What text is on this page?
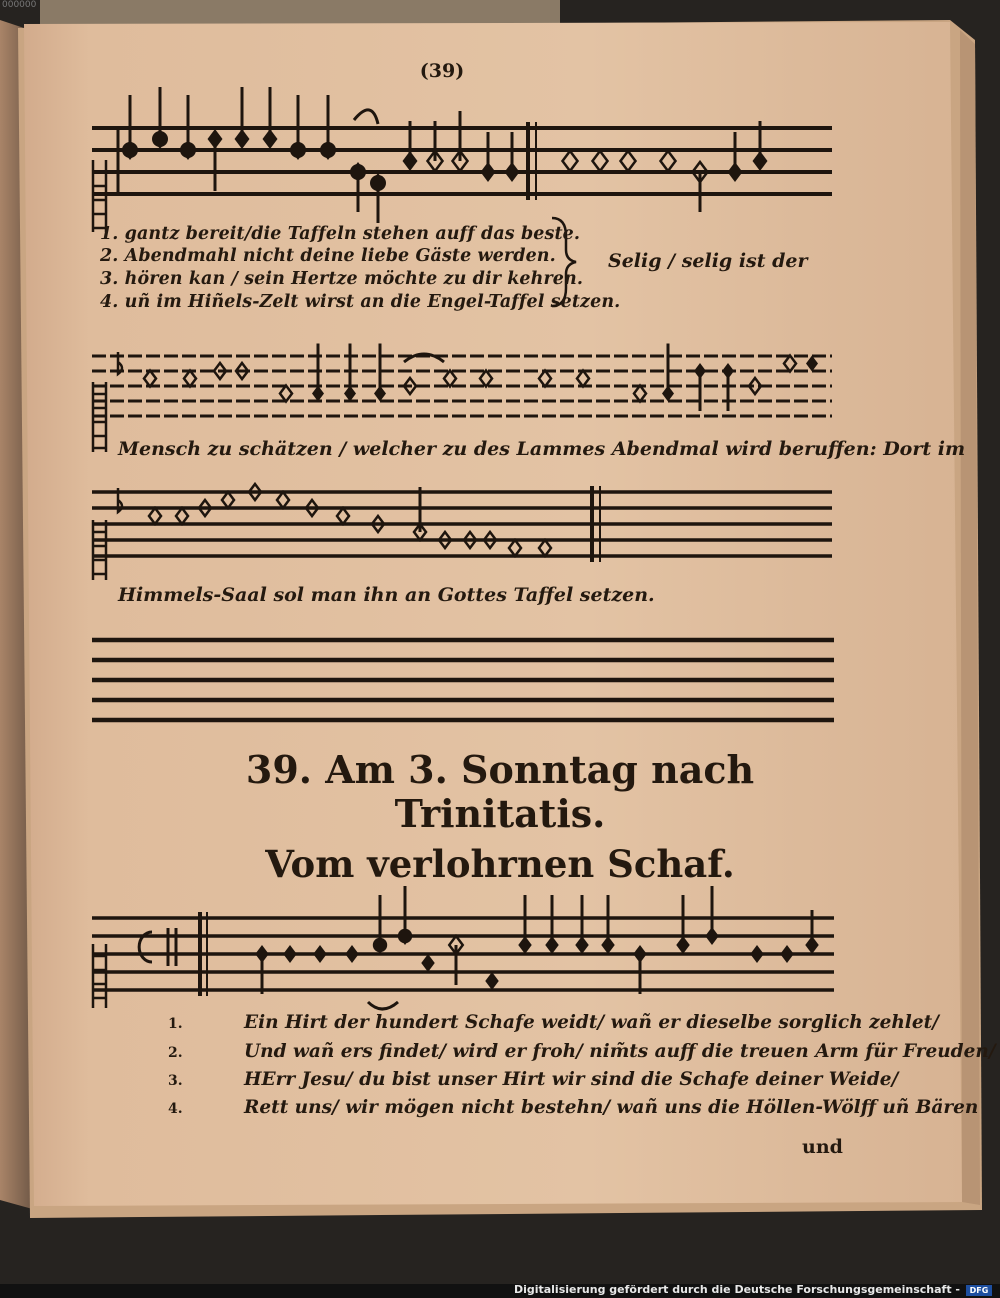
000000
(39)
1. gantz bereit/die Taffeln stehen auff das beste.
2. Abendmahl nicht deine liebe Gäste werden.
3. hören kan / sein Hertze möchte zu dir kehren.
4. uñ im Hiñels-Zelt wirst an die Engel-Taffel setzen.
Selig / selig ist der
Mensch zu schätzen / welcher zu des Lammes Abendmal wird beruffen: Dort im
Himmels-Saal sol man ihn an Gottes Taffel setzen.
39. Am 3. Sonntag nach
Trinitatis.
Vom verlohrnen Schaf.
1.	Ein Hirt der hundert Schafe weidt/ wañ er dieselbe sorglich zehlet/
2.	Und wañ ers findet/ wird er froh/ nim̃ts auff die treuen Arm für Freuden/
3.	HErr Jesu/ du bist unser Hirt wir sind die Schafe deiner Weide/
4.	Rett uns/ wir mögen nicht bestehn/ wañ uns die Höllen-Wölff uñ Bären
und
Digitalisierung gefördert durch die Deutsche Forschungsgemeinschaft -	DFG
